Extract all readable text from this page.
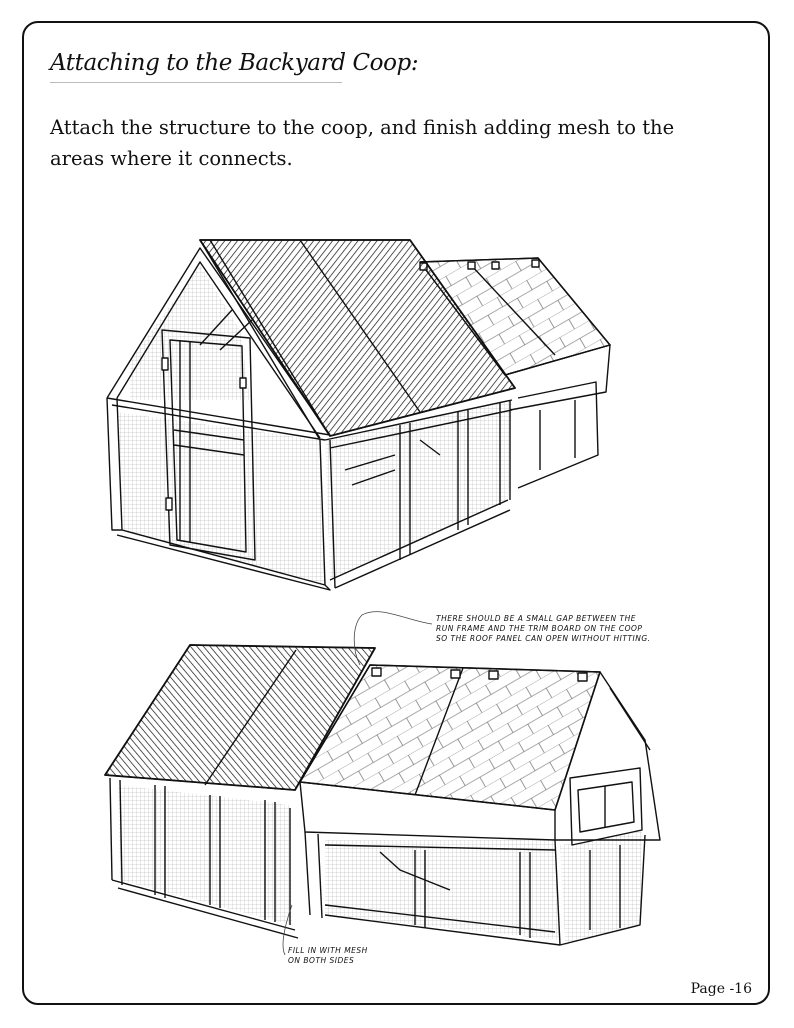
Attaching to the Backyard Coop:

Attach the structure to the coop, and finish adding mesh to the areas where it connects.

THERE SHOULD BE A SMALL GAP BETWEEN THE
RUN FRAME AND THE TRIM BOARD ON THE COOP
SO THE ROOF PANEL CAN OPEN WITHOUT HITTING.
FILL IN WITH MESH
ON BOTH SIDES
Page -16
